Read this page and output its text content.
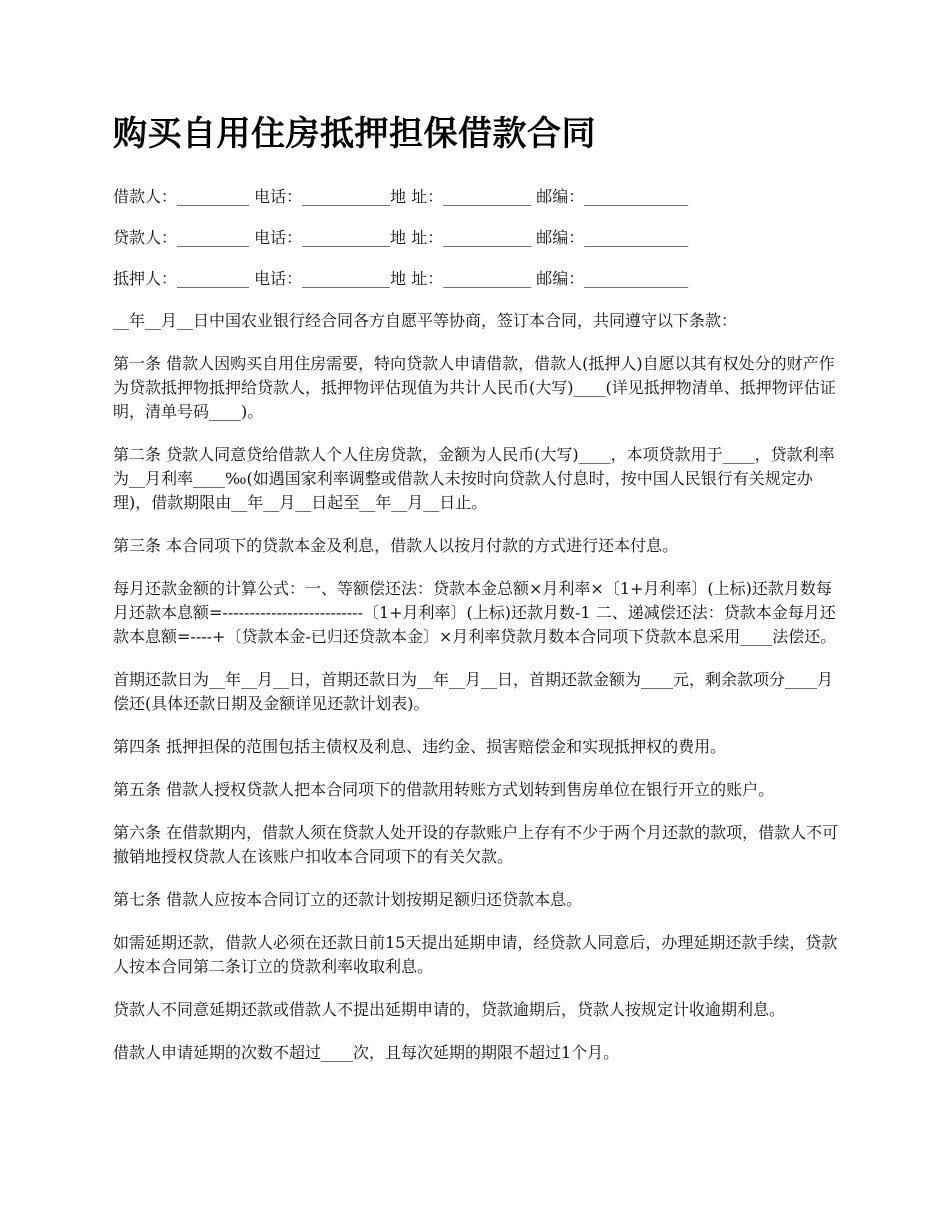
购买自用住房抵押担保借款合同
借款人：_________ 电话：___________地 址：___________ 邮编：_____________
贷款人：_________ 电话：___________地 址：___________ 邮编：_____________
抵押人：_________ 电话：___________地 址：___________ 邮编：_____________

__年__月__日中国农业银行经合同各方自愿平等协商，签订本合同，共同遵守以下条款：

第一条 借款人因购买自用住房需要，特向贷款人申请借款，借款人(抵押人)自愿以其有权处分的财产作为贷款抵押物抵押给贷款人，抵押物评估现值为共计人民币(大写)____(详见抵押物清单、抵押物评估证明，清单号码____)。

第二条 贷款人同意贷给借款人个人住房贷款，金额为人民币(大写)____，本项贷款用于____，贷款利率为__月利率____‰(如遇国家利率调整或借款人未按时向贷款人付息时，按中国人民银行有关规定办理)，借款期限由__年__月__日起至__年__月__日止。

第三条 本合同项下的贷款本金及利息，借款人以按月付款的方式进行还本付息。

每月还款金额的计算公式：一、等额偿还法：贷款本金总额×月利率×〔1+月利率〕(上标)还款月数每月还款本息额=--------------------------〔1+月利率〕(上标)还款月数-1 二、递减偿还法：贷款本金每月还款本息额=----+〔贷款本金-已归还贷款本金〕×月利率贷款月数本合同项下贷款本息采用____法偿还。

首期还款日为__年__月__日，首期还款日为__年__月__日，首期还款金额为____元，剩余款项分____月偿还(具体还款日期及金额详见还款计划表)。

第四条 抵押担保的范围包括主债权及利息、违约金、损害赔偿金和实现抵押权的费用。

第五条 借款人授权贷款人把本合同项下的借款用转账方式划转到售房单位在银行开立的账户。

第六条 在借款期内，借款人须在贷款人处开设的存款账户上存有不少于两个月还款的款项，借款人不可撤销地授权贷款人在该账户扣收本合同项下的有关欠款。

第七条 借款人应按本合同订立的还款计划按期足额归还贷款本息。

如需延期还款，借款人必须在还款日前15天提出延期申请，经贷款人同意后，办理延期还款手续，贷款人按本合同第二条订立的贷款利率收取利息。

贷款人不同意延期还款或借款人不提出延期申请的，贷款逾期后，贷款人按规定计收逾期利息。

借款人申请延期的次数不超过____次，且每次延期的期限不超过1个月。
